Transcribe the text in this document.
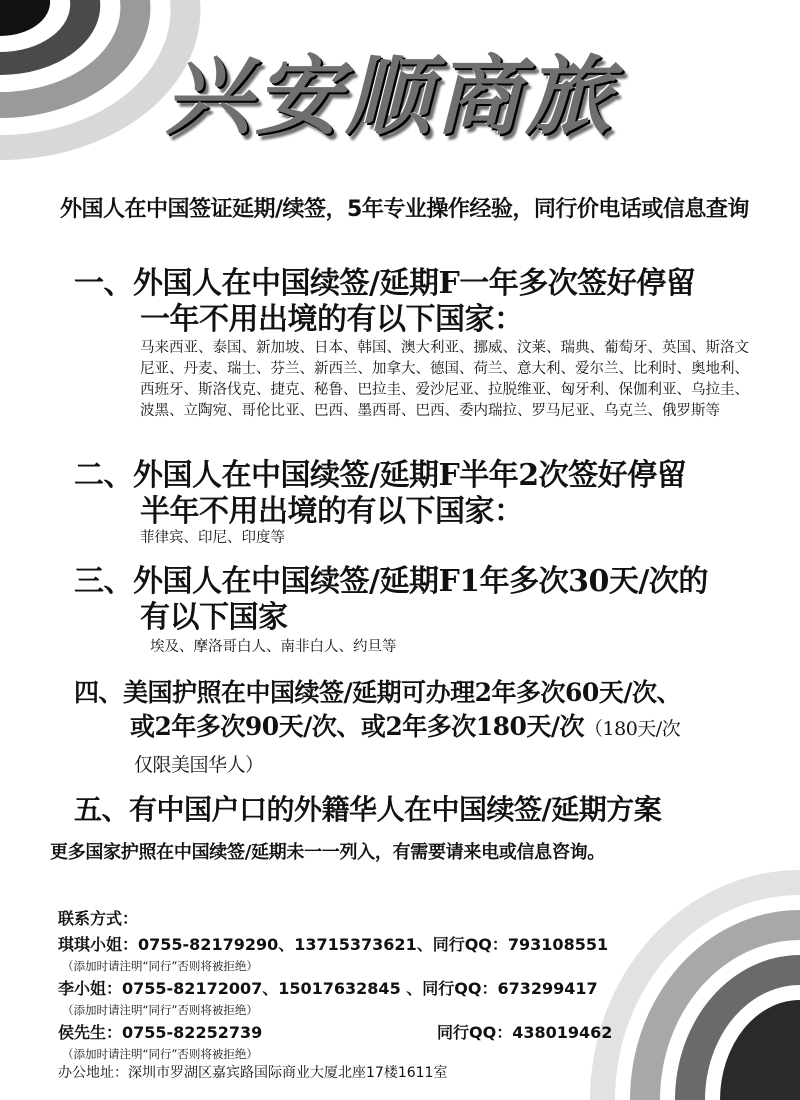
兴安顺商旅
外国人在中国签证延期/续签，5年专业操作经验，同行价电话或信息查询
一、外国人在中国续签/延期F一年多次签好停留
一年不用出境的有以下国家：
马来西亚、泰国、新加坡、日本、韩国、澳大利亚、挪威、汶莱、瑞典、葡萄牙、英国、斯洛文尼亚、丹麦、瑞士、芬兰、新西兰、加拿大、德国、荷兰、意大利、爱尔兰、比利时、奥地利、西班牙、斯洛伐克、捷克、秘鲁、巴拉圭、爱沙尼亚、拉脱维亚、匈牙利、保伽利亚、乌拉圭、波黑、立陶宛、哥伦比亚、巴西、墨西哥、巴西、委内瑞拉、罗马尼亚、乌克兰、俄罗斯等
二、外国人在中国续签/延期F半年2次签好停留
半年不用出境的有以下国家：
菲律宾、印尼、印度等
三、外国人在中国续签/延期F1年多次30天/次的
有以下国家
埃及、摩洛哥白人、南非白人、约旦等
四、美国护照在中国续签/延期可办理2年多次60天/次、
或2年多次90天/次、或2年多次180天/次（180天/次
仅限美国华人）
五、有中国户口的外籍华人在中国续签/延期方案
更多国家护照在中国续签/延期未一一列入，有需要请来电或信息咨询。
联系方式：
琪琪小姐：0755-82179290、13715373621、同行QQ：793108551
（添加时请注明“同行”否则将被拒绝）
李小姐：0755-82172007、15017632845 、同行QQ：673299417
（添加时请注明“同行”否则将被拒绝）
侯先生：0755-82252739	同行QQ：438019462
（添加时请注明“同行”否则将被拒绝）
办公地址：深圳市罗湖区嘉宾路国际商业大厦北座17楼1611室
